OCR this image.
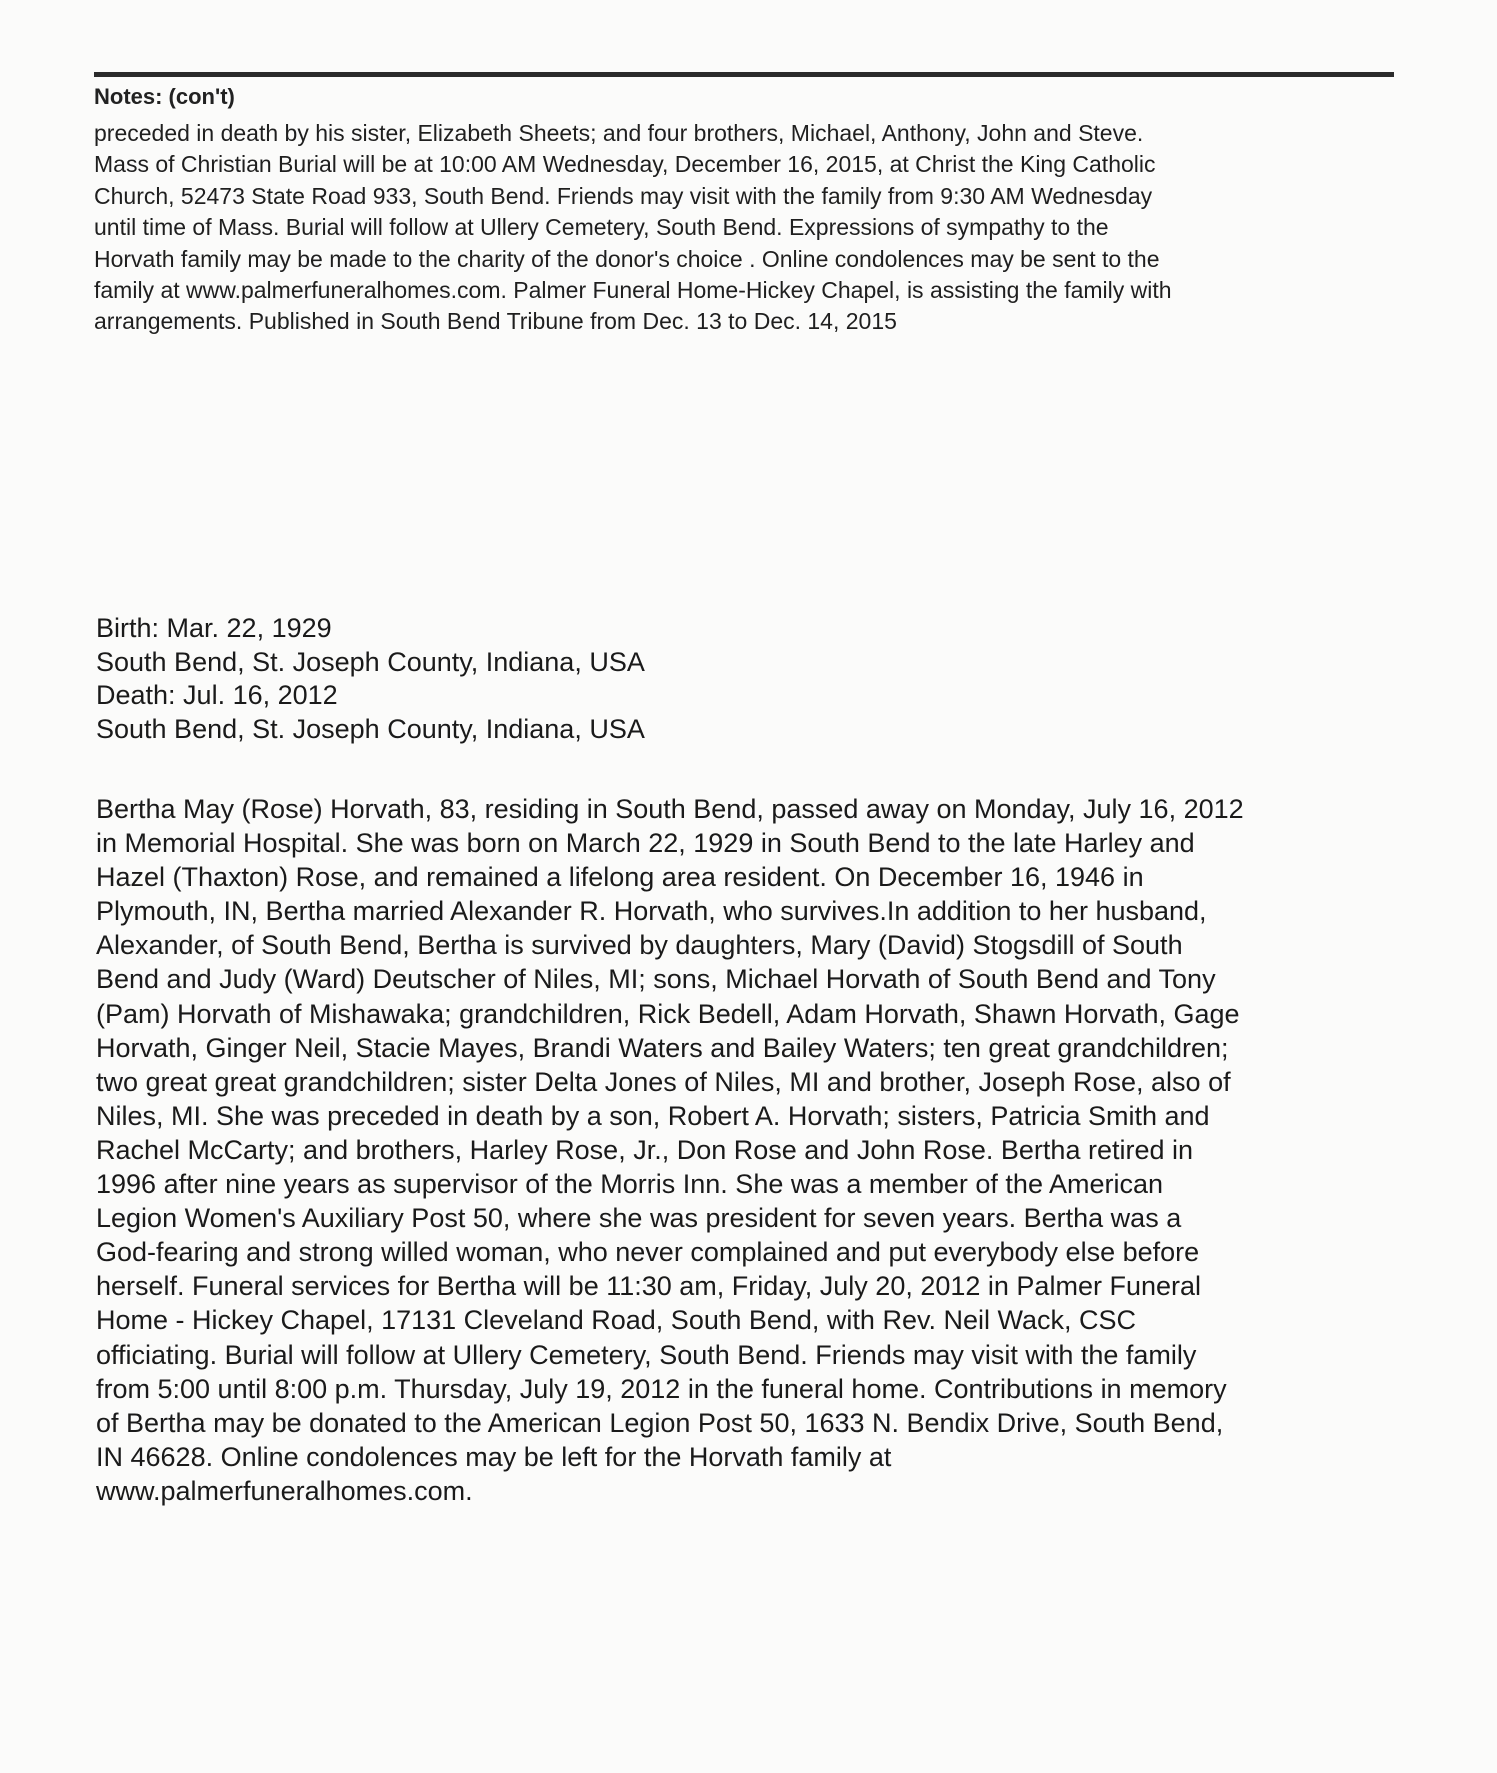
Notes: (con't)
preceded in death by his sister, Elizabeth Sheets; and four brothers, Michael, Anthony, John and Steve.
Mass of Christian Burial will be at 10:00 AM Wednesday, December 16, 2015, at Christ the King Catholic
Church, 52473 State Road 933, South Bend. Friends may visit with the family from 9:30 AM Wednesday
until time of Mass. Burial will follow at Ullery Cemetery, South Bend. Expressions of sympathy to the
Horvath family may be made to the charity of the donor's choice . Online condolences may be sent to the
family at www.palmerfuneralhomes.com. Palmer Funeral Home-Hickey Chapel, is assisting the family with
arrangements. Published in South Bend Tribune from Dec. 13 to Dec. 14, 2015
Birth: Mar. 22, 1929
South Bend, St. Joseph County, Indiana, USA
Death: Jul. 16, 2012
South Bend, St. Joseph County, Indiana, USA
Bertha May (Rose) Horvath, 83, residing in South Bend, passed away on Monday, July 16, 2012
in Memorial Hospital. She was born on March 22, 1929 in South Bend to the late Harley and
Hazel (Thaxton) Rose, and remained a lifelong area resident. On December 16, 1946 in
Plymouth, IN, Bertha married Alexander R. Horvath, who survives.In addition to her husband,
Alexander, of South Bend, Bertha is survived by daughters, Mary (David) Stogsdill of South
Bend and Judy (Ward) Deutscher of Niles, MI; sons, Michael Horvath of South Bend and Tony
(Pam) Horvath of Mishawaka; grandchildren, Rick Bedell, Adam Horvath, Shawn Horvath, Gage
Horvath, Ginger Neil, Stacie Mayes, Brandi Waters and Bailey Waters; ten great grandchildren;
two great great grandchildren; sister Delta Jones of Niles, MI and brother, Joseph Rose, also of
Niles, MI. She was preceded in death by a son, Robert A. Horvath; sisters, Patricia Smith and
Rachel McCarty; and brothers, Harley Rose, Jr., Don Rose and John Rose. Bertha retired in
1996 after nine years as supervisor of the Morris Inn. She was a member of the American
Legion Women's Auxiliary Post 50, where she was president for seven years. Bertha was a
God-fearing and strong willed woman, who never complained and put everybody else before
herself. Funeral services for Bertha will be 11:30 am, Friday, July 20, 2012 in Palmer Funeral
Home - Hickey Chapel, 17131 Cleveland Road, South Bend, with Rev. Neil Wack, CSC
officiating. Burial will follow at Ullery Cemetery, South Bend. Friends may visit with the family
from 5:00 until 8:00 p.m. Thursday, July 19, 2012 in the funeral home. Contributions in memory
of Bertha may be donated to the American Legion Post 50, 1633 N. Bendix Drive, South Bend,
IN 46628. Online condolences may be left for the Horvath family at
www.palmerfuneralhomes.com.
